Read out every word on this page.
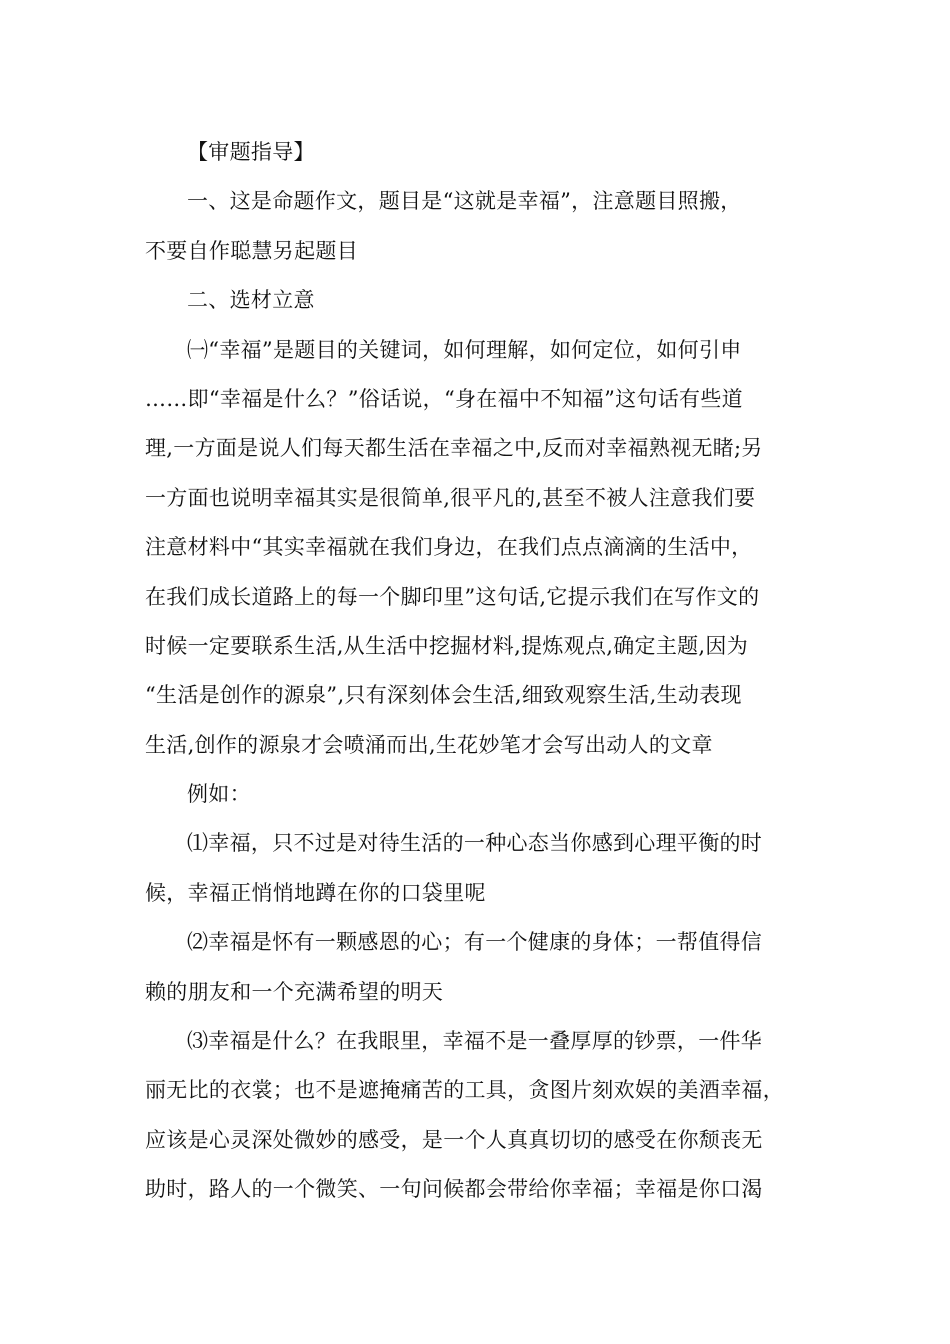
【审题指导】
一、这是命题作文，题目是“这就是幸福”，注意题目照搬，
不要自作聪慧另起题目
二、选材立意
㈠“幸福”是题目的关键词，如何理解，如何定位，如何引申
……即“幸福是什么？”俗话说，“身在福中不知福”这句话有些道
理,一方面是说人们每天都生活在幸福之中,反而对幸福熟视无睹;另
一方面也说明幸福其实是很简单,很平凡的,甚至不被人注意我们要
注意材料中“其实幸福就在我们身边，在我们点点滴滴的生活中，
在我们成长道路上的每一个脚印里”这句话,它提示我们在写作文的
时候一定要联系生活,从生活中挖掘材料,提炼观点,确定主题,因为
“生活是创作的源泉”,只有深刻体会生活,细致观察生活,生动表现
生活,创作的源泉才会喷涌而出,生花妙笔才会写出动人的文章
例如：
⑴幸福，只不过是对待生活的一种心态当你感到心理平衡的时
候，幸福正悄悄地蹲在你的口袋里呢
⑵幸福是怀有一颗感恩的心；有一个健康的身体；一帮值得信
赖的朋友和一个充满希望的明天
⑶幸福是什么？在我眼里，幸福不是一叠厚厚的钞票，一件华
丽无比的衣裳；也不是遮掩痛苦的工具，贪图片刻欢娱的美酒幸福，
应该是心灵深处微妙的感受，是一个人真真切切的感受在你颓丧无
助时，路人的一个微笑、一句问候都会带给你幸福；幸福是你口渴
